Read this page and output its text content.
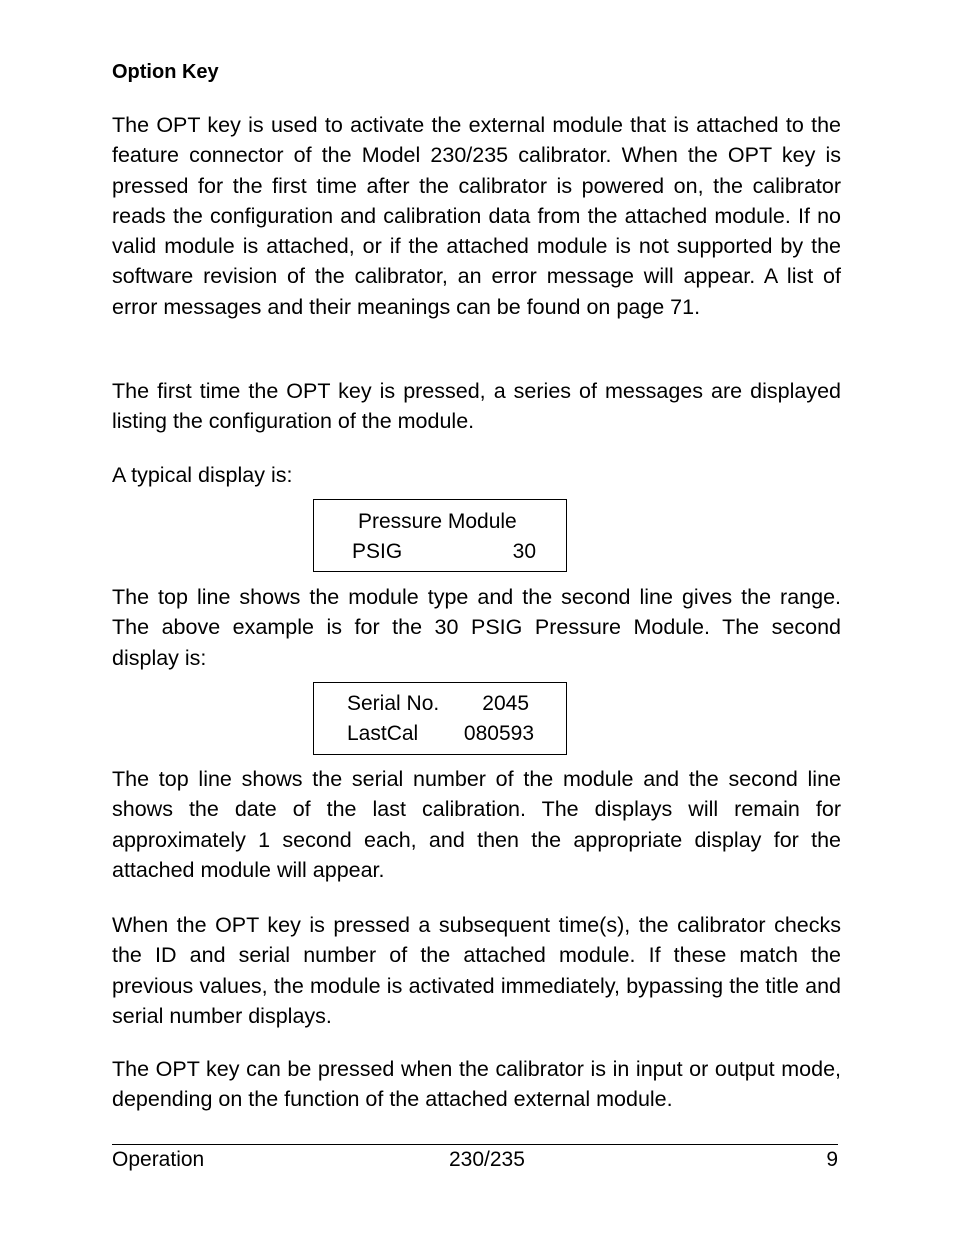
Option Key

The OPT key is used to activate the external module that is attached to the feature connector of the Model 230/235 calibrator. When the OPT key is pressed for the first time after the calibrator is powered on, the calibrator reads the configuration and calibration data from the attached module. If no valid module is attached, or if the attached module is not supported by the software revision of the calibrator, an error message will appear. A list of error messages and their meanings can be found on page 71.

The first time the OPT key is pressed, a series of messages are displayed listing the configuration of the module.

A typical display is:

Pressure Module
PSIG	30

The top line shows the module type and the second line gives the range. The above example is for the 30 PSIG Pressure Module. The second display is:

Serial No. 2045
LastCal 080593

The top line shows the serial number of the module and the second line shows the date of the last calibration. The displays will remain for approximately 1 second each, and then the appropriate display for the attached module will appear.

When the OPT key is pressed a subsequent time(s), the calibrator checks the ID and serial number of the attached module. If these match the previous values, the module is activated immediately, bypassing the title and serial number displays.

The OPT key can be pressed when the calibrator is in input or output mode, depending on the function of the attached external module.

Operation	230/235	9
